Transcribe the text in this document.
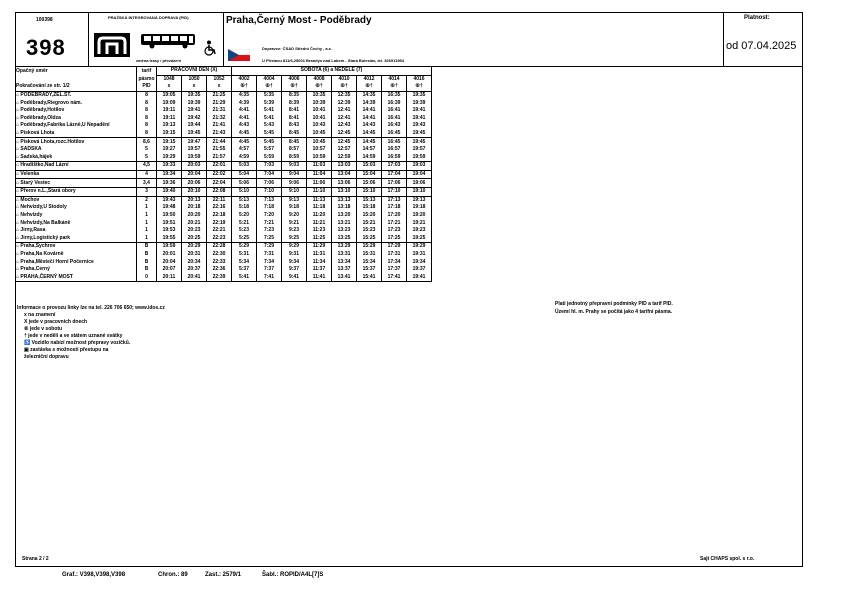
100398
398
PRAŽSKÁ INTEGROVANÁ DOPRAVA (PID)
změna trasy / převážení
Praha,Černý Most - Poděbrady
Dopravce: ČSAD Střední Čechy , a.s.
U Přístavu 811/6,25001 Brandýs nad Labem - Stará Boleslav, tel. 326911954
Platnost:
od 07.04.2025
Opačný směr	tarif	PRACOVNÍ DEN (X)			SOBOTA (6) a NEDĚLE (7)							
	pásmo	1048	1050	1052	4002	4004	4006	4008	4010	4012	4014	4016
Pokračování ze str. 1/2	PID	x	x	x	⑥†	⑥†	⑥†	⑥†	⑥†	⑥†	⑥†	⑥†
⌂ PODĚBRADY,ZEL.ST.	8	19:05	19:35	21:25	4:35	5:35	8:35	10:35	12:35	14:35	16:35	19:35
⌂ Poděbrady,Riegrovo nám.	8	19:09	19:39	21:29	4:39	5:39	8:39	10:39	12:39	14:39	16:39	19:39
⌂ Poděbrady,Hotilov	8	19:11	19:41	21:31	4:41	5:41	8:41	10:41	12:41	14:41	16:41	19:41
⌂ Poděbrady,Oldza	8	19:11	19:42	21:32	4:41	5:41	8:41	10:41	12:41	14:41	16:41	19:41
⌂ Poděbrady,Fabrika Lázně,U Nepadění	8	19:13	19:44	21:41	4:43	5:43	8:43	10:43	12:43	14:43	16:43	19:43
⌂ Písková Lhota	8	19:15	19:45	21:43	4:45	5:45	8:45	10:45	12:45	14:45	16:45	19:45
⌂ Písková Lhota,rozc.Hotilov	8,6	19:15	19:47	21:44	4:45	5:45	8:45	10:45	12:45	14:45	16:45	19:45
⌂ SADSKÁ	5	19:27	19:57	21:55	4:57	5:57	8:57	10:57	12:57	14:57	16:57	19:57
⌂ Sadská,hájek	5	19:29	19:59	21:57	4:59	5:59	8:59	10:59	12:59	14:59	16:59	19:59
⌂ Hradištko,Nad Lázní	4,5	19:33	20:03	22:01	5:03	7:03	9:03	11:03	13:03	15:03	17:03	19:03
⌂ Velenka	4	19:34	20:04	22:02	5:04	7:04	9:04	11:04	13:04	15:04	17:04	19:04
⌂ Starý Vestec	3,4	19:36	20:06	22:04	5:06	7:06	9:06	11:06	13:06	15:06	17:06	19:06
⌂ Přerov n.L.,Stará obory	3	19:40	20:10	22:08	5:10	7:10	9:10	11:10	13:10	15:10	17:10	19:10
⌂ Mochov	2	19:43	20:13	22:11	5:13	7:13	9:13	11:13	13:13	15:13	17:13	19:13
⌂ Nehvizdy,U Stodoly	1	19:48	20:18	22:16	5:18	7:18	9:18	11:18	13:18	15:18	17:18	19:18
⌂ Nehvizdy	1	19:50	20:20	22:18	5:20	7:20	9:20	11:20	13:20	15:20	17:20	19:20
⌂ Nehvizdy,Na Balkáně	1	19:51	20:21	22:19	5:21	7:21	9:21	11:21	13:21	15:21	17:21	19:21
⌂ Jirny,Rasa	1	19:53	20:23	22:21	5:23	7:23	9:23	11:23	13:23	15:23	17:23	19:23
⌂ Jirny,Logistický park	1	19:55	20:25	22:23	5:25	7:25	9:25	11:25	13:25	15:25	17:25	19:25
⌂ Praha,Sychrov	B	19:59	20:29	22:28	5:29	7:29	9:29	11:29	13:29	15:29	17:29	19:29
⌂ Praha,Na Kovárně	B	20:01	20:31	22:30	5:31	7:31	9:31	11:31	13:31	15:31	17:31	19:31
⌂ Praha,Městečí Horní Počernice	B	20:04	20:34	22:33	5:34	7:34	9:34	11:34	13:34	15:34	17:34	19:34
⌂ Praha,Černý	B	20:07	20:37	22:36	5:37	7:37	9:37	11:37	13:37	15:37	17:37	19:37
⌂ PRAHA,ČERNÝ MOST	0	20:11	20:41	22:39	5:41	7:41	9:41	11:41	13:41	15:41	17:41	19:41
Informace o provozu linky lze na tel. 226 706 650; www.idos.cz
x na znamení
X jede v pracovních dnech
⑥ jede v sobotu
† jede v neděli a ve státem uznané svátky
♿ Vozidlo nabízí možnost přepravy vozíčků.
▣ zastávka s možností přestupu na
železniční dopravu
Platí jednotný přepravní podmínky PID a tarif PID.
Území hl. m. Prahy se počítá jako 4 tarifní pásma.
Strana 2 / 2	Sajt CHAPS spol. s r.o.
Graf.: V398,V398,V398	Chron.: 89	Zast.: 2579/1	Šabl.: ROPID/A4L[7]S
